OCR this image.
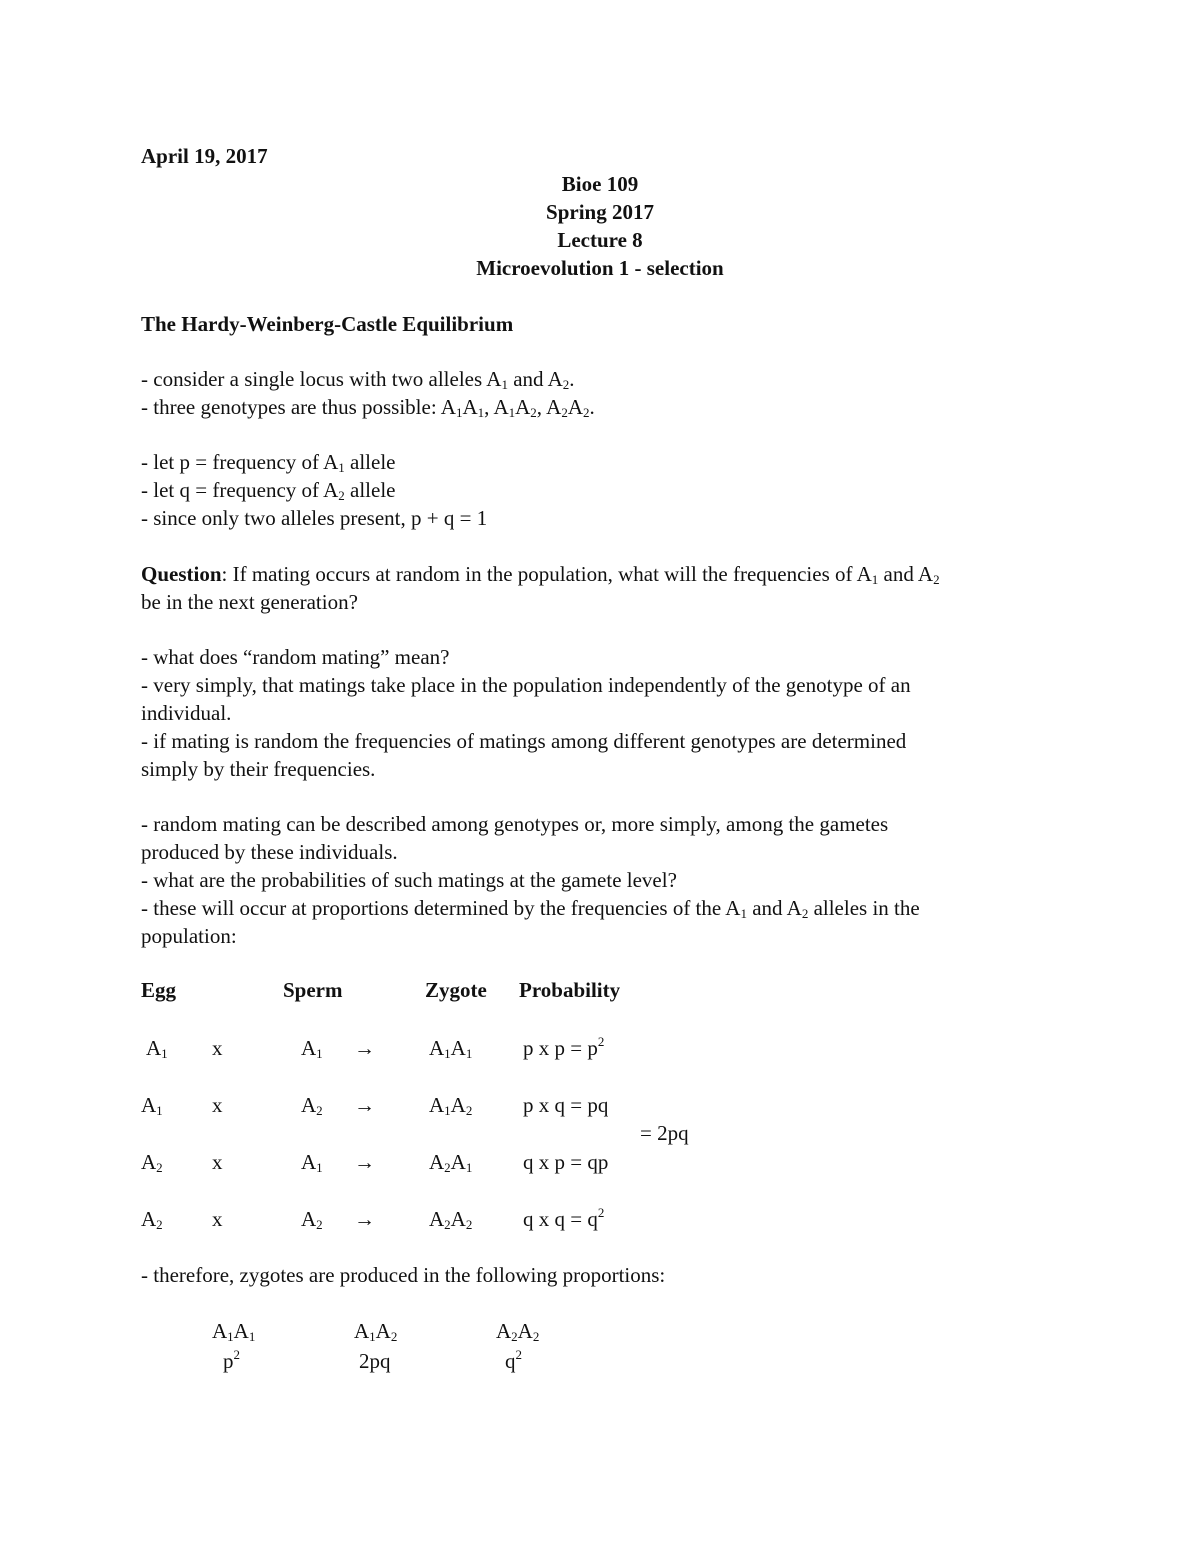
April 19, 2017
Bioe 109
Spring 2017
Lecture 8
Microevolution 1 - selection
The Hardy-Weinberg-Castle Equilibrium
- consider a single locus with two alleles $A_1$ and $A_2$.
- three genotypes are thus possible: $A_1A_1$, $A_1A_2$, $A_2A_2$.
- let p = frequency of $A_1$ allele
- let q = frequency of $A_2$ allele
- since only two alleles present, p + q = 1
Question: If mating occurs at random in the population, what will the frequencies of $A_1$ and $A_2$
be in the next generation?
- what does “random mating” mean?
- very simply, that matings take place in the population independently of the genotype of an
individual.
- if mating is random the frequencies of matings among different genotypes are determined
simply by their frequencies.
- random mating can be described among genotypes or, more simply, among the gametes
produced by these individuals.
- what are the probabilities of such matings at the gamete level?
- these will occur at proportions determined by the frequencies of the $A_1$ and $A_2$ alleles in the
population:
Egg	Sperm	Zygote Probability
$A_1$ x	$A_1$ →	$A_1A_1$ p x $p = p^2$
$A_1$ x	$A_2$ →	$A_1A_2$ p x q = pq
= 2pq
$A_2$ x	$A_1$ →	$A_2A_1$ q x p = qp
$A_2$ x	$A_2$ →	$A_2A_2$ q x $q = q^2$
- therefore, zygotes are produced in the following proportions:
$A_1A_1$	$A_1A_2$	$A_2A_2$
$p^2$	2pq	$q^2$
